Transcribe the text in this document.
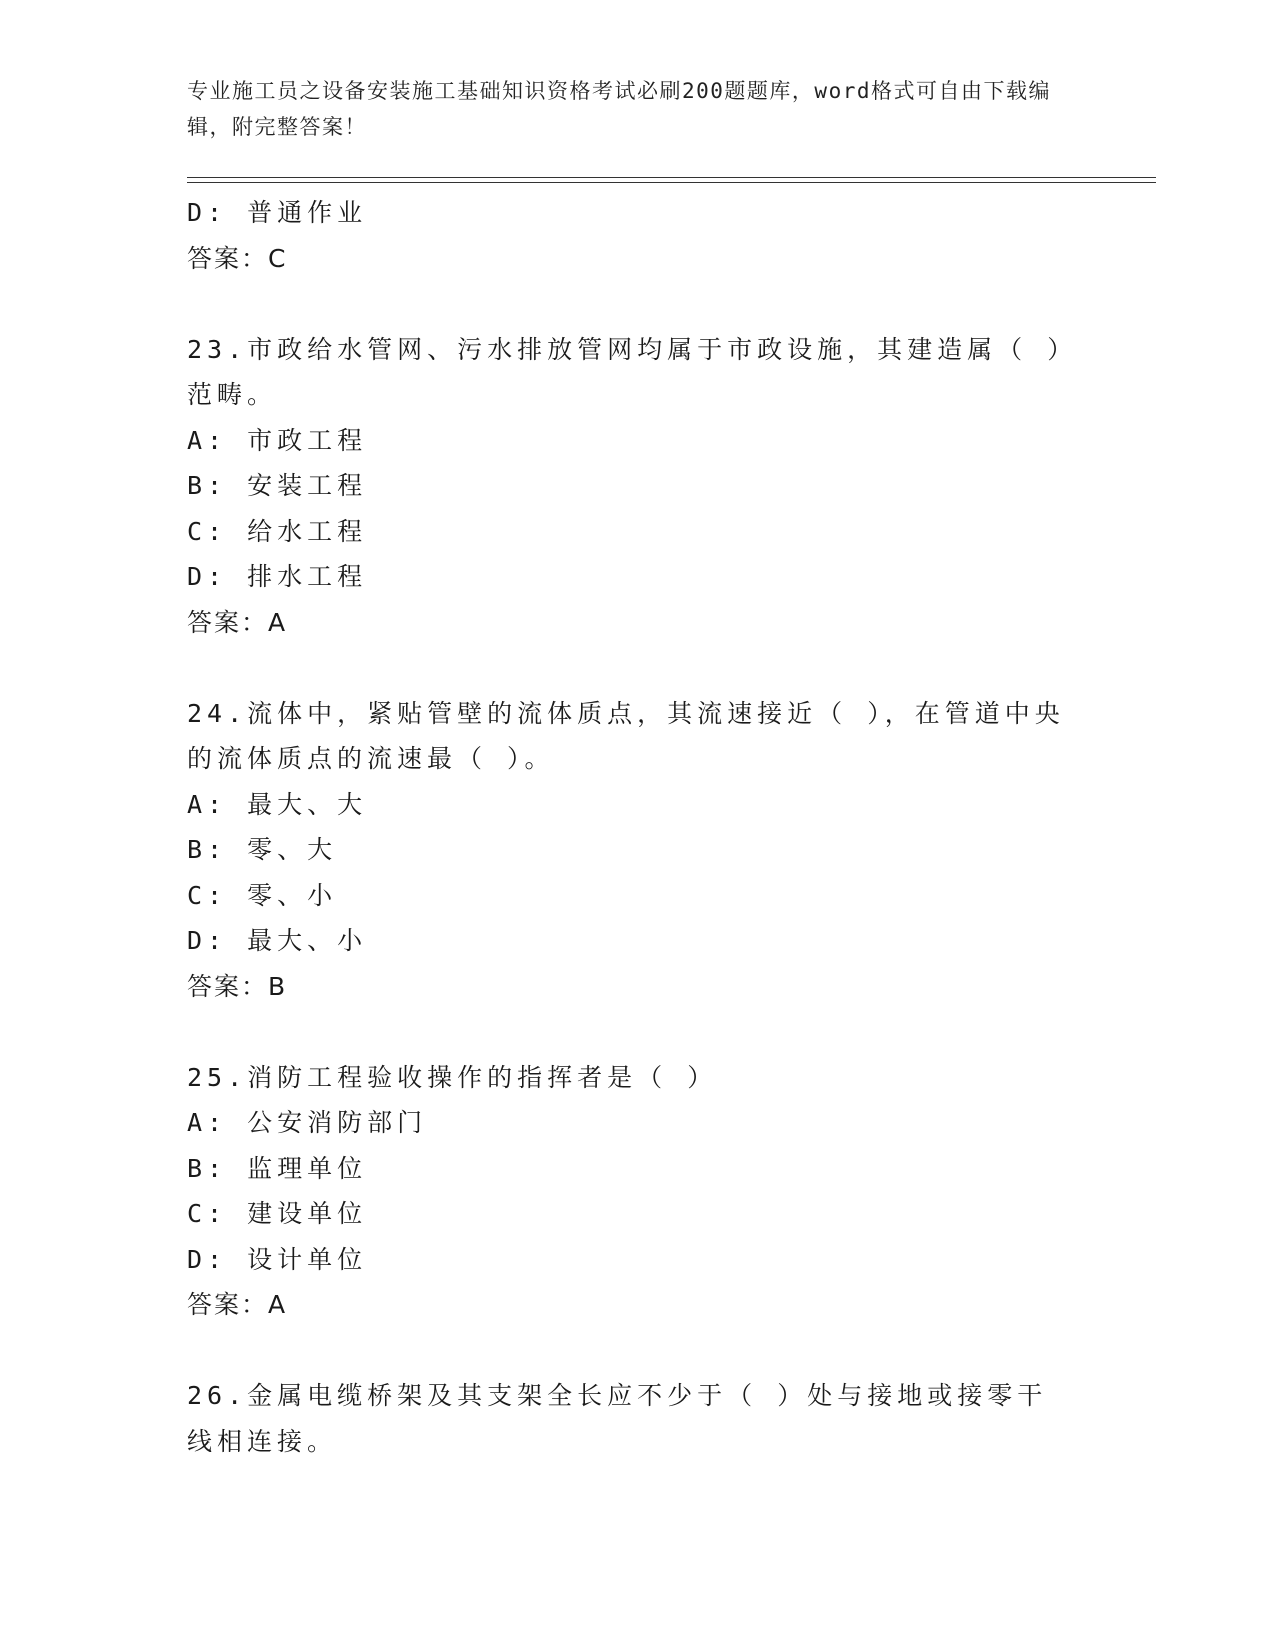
专业施工员之设备安装施工基础知识资格考试必刷200题题库，word格式可自由下载编辑，附完整答案！
D: 普通作业
答案：C
23.市政给水管网、污水排放管网均属于市政设施，其建造属（ ）范畴。
A: 市政工程
B: 安装工程
C: 给水工程
D: 排水工程
答案：A
24.流体中，紧贴管壁的流体质点，其流速接近（ ），在管道中央的流体质点的流速最（ ）。
A: 最大、大
B: 零、大
C: 零、小
D: 最大、小
答案：B
25.消防工程验收操作的指挥者是（ ）
A: 公安消防部门
B: 监理单位
C: 建设单位
D: 设计单位
答案：A
26.金属电缆桥架及其支架全长应不少于（ ）处与接地或接零干线相连接。
